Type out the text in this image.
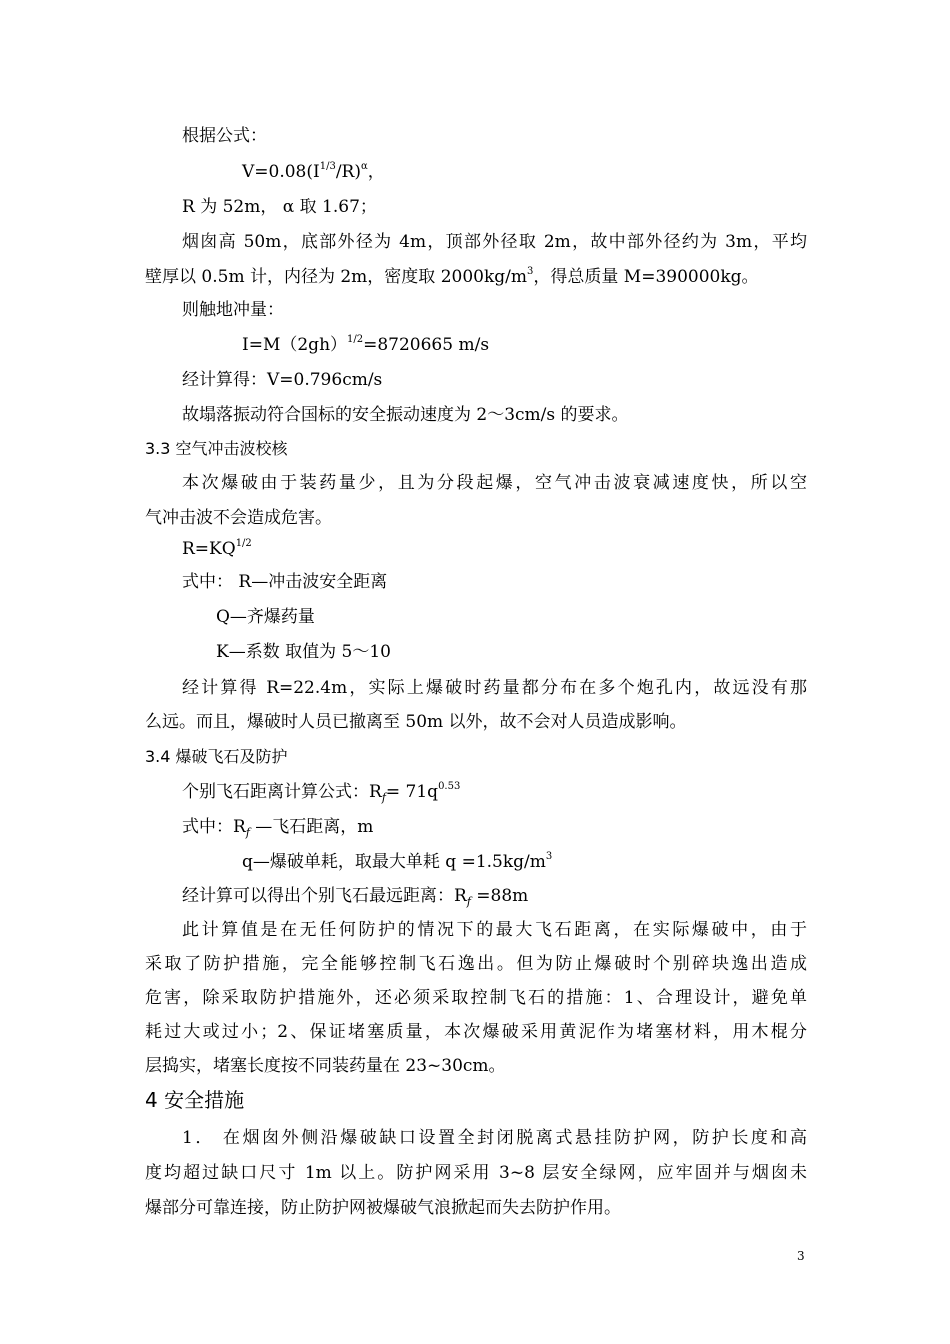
根据公式：
$V=0.08(I^{1/3}/R)^\alpha$，
R 为 52m， α 取 1.67；
烟囱高 50m，底部外径为 4m，顶部外径取 2m，故中部外径约为 3m，平均
壁厚以 0.5m 计，内径为 2m，密度取 $2000kg/m^3$，得总质量 M=390000kg。
则触地冲量：
$I=M(2gh)^{1/2}=8720665$ m/s
经计算得：V=0.796cm/s
故塌落振动符合国标的安全振动速度为 2～3cm/s 的要求。
3.3 空气冲击波校核
本次爆破由于装药量少，且为分段起爆，空气冲击波衰减速度快，所以空
气冲击波不会造成危害。
$R=KQ^{1/2}$
式中： R—冲击波安全距离
Q—齐爆药量
K—系数 取值为 5～10
经计算得 R=22.4m，实际上爆破时药量都分布在多个炮孔内，故远没有那
么远。而且，爆破时人员已撤离至 50m 以外，故不会对人员造成影响。
3.4 爆破飞石及防护
个别飞石距离计算公式：$R_f= 71q^{0.53}$
式中：$R_f$ —飞石距离，m
q—爆破单耗，取最大单耗 $q =1.5kg/m^3$
经计算可以得出个别飞石最远距离：$R_f =88m$
此计算值是在无任何防护的情况下的最大飞石距离，在实际爆破中，由于
采取了防护措施，完全能够控制飞石逸出。但为防止爆破时个别碎块逸出造成
危害，除采取防护措施外，还必须采取控制飞石的措施：1、合理设计，避免单
耗过大或过小；2、保证堵塞质量，本次爆破采用黄泥作为堵塞材料，用木棍分
层捣实，堵塞长度按不同装药量在 23~30cm。
4 安全措施
1． 在烟囱外侧沿爆破缺口设置全封闭脱离式悬挂防护网，防护长度和高
度均超过缺口尺寸 1m 以上。防护网采用 3~8 层安全绿网，应牢固并与烟囱未
爆部分可靠连接，防止防护网被爆破气浪掀起而失去防护作用。
3
